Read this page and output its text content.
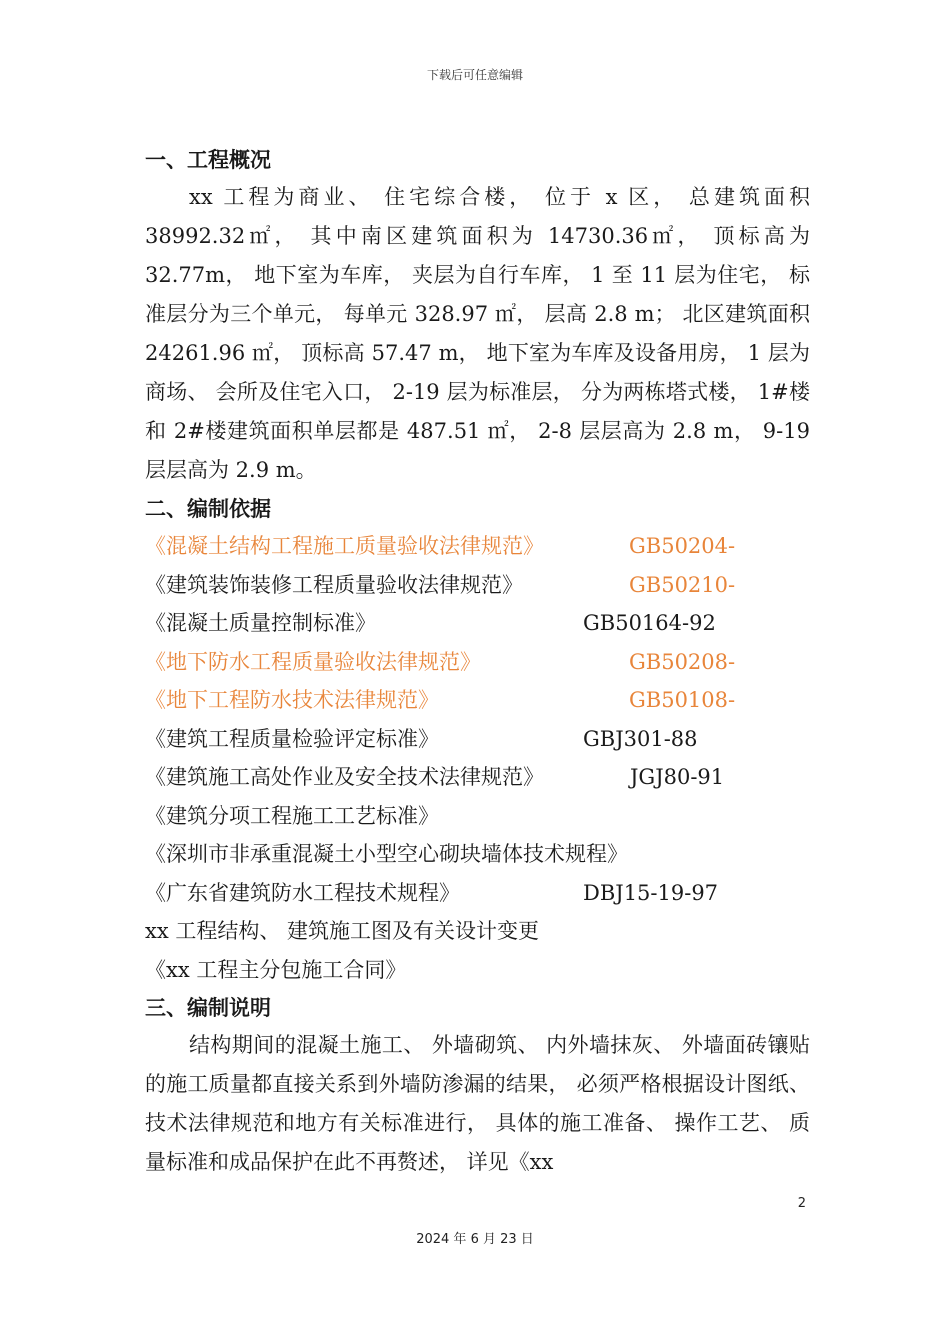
下载后可任意编辑
一、工程概况
xx 工程为商业、 住宅综合楼， 位于 x 区， 总建筑面积 38992.32㎡， 其中南区建筑面积为 14730.36㎡， 顶标高为 32.77m， 地下室为车库， 夹层为自行车库， 1 至 11 层为住宅， 标准层分为三个单元， 每单元 328.97 ㎡， 层高 2.8 m； 北区建筑面积 24261.96 ㎡， 顶标高 57.47 m， 地下室为车库及设备用房， 1 层为商场、 会所及住宅入口， 2-19 层为标准层， 分为两栋塔式楼， 1#楼和 2#楼建筑面积单层都是 487.51 ㎡， 2-8 层层高为 2.8 m， 9-19 层层高为 2.9 m。
二、编制依据
《混凝土结构工程施工质量验收法律规范》	GB50204-
《建筑装饰装修工程质量验收法律规范》	GB50210-
《混凝土质量控制标准》	GB50164-92
《地下防水工程质量验收法律规范》	GB50208-
《地下工程防水技术法律规范》	GB50108-
《建筑工程质量检验评定标准》	GBJ301-88
《建筑施工高处作业及安全技术法律规范》	JGJ80-91
《建筑分项工程施工工艺标准》
《深圳市非承重混凝土小型空心砌块墙体技术规程》
《广东省建筑防水工程技术规程》	DBJ15-19-97
xx 工程结构、 建筑施工图及有关设计变更
《xx 工程主分包施工合同》
三、编制说明
结构期间的混凝土施工、 外墙砌筑、 内外墙抹灰、 外墙面砖镶贴的施工质量都直接关系到外墙防渗漏的结果， 必须严格根据设计图纸、 技术法律规范和地方有关标准进行， 具体的施工准备、 操作工艺、 质量标准和成品保护在此不再赘述， 详见《xx
2
2024 年 6 月 23 日
